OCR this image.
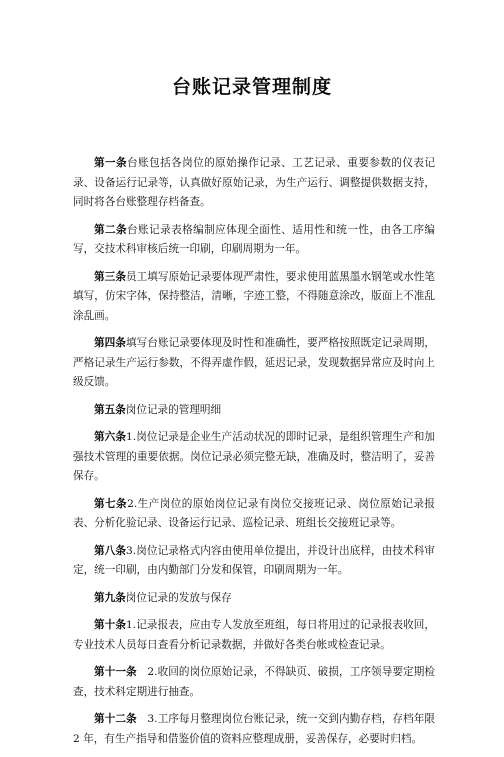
台账记录管理制度

第一条台账包括各岗位的原始操作记录、工艺记录、重要参数的仪表记录、设备运行记录等，认真做好原始记录，为生产运行、调整提供数据支持，同时将各台账整理存档备查。

第二条台账记录表格编制应体现全面性、适用性和统一性，由各工序编写，交技术科审核后统一印刷，印刷周期为一年。

第三条员工填写原始记录要体现严肃性，要求使用蓝黑墨水钢笔或水性笔填写，仿宋字体，保持整洁，清晰，字迹工整，不得随意涂改，版面上不准乱涂乱画。

第四条填写台账记录要体现及时性和准确性，要严格按照既定记录周期，严格记录生产运行参数，不得弄虚作假，延迟记录，发现数据异常应及时向上级反馈。

第五条岗位记录的管理明细

第六条1.岗位记录是企业生产活动状况的即时记录，是组织管理生产和加强技术管理的重要依据。岗位记录必须完整无缺，准确及时，整洁明了，妥善保存。

第七条2.生产岗位的原始岗位记录有岗位交接班记录、岗位原始记录报表、分析化验记录、设备运行记录、巡检记录、班组长交接班记录等。

第八条3.岗位记录格式内容由使用单位提出，并设计出底样，由技术科审定，统一印刷，由内勤部门分发和保管，印刷周期为一年。

第九条岗位记录的发放与保存

第十条1.记录报表，应由专人发放至班组，每日将用过的记录报表收回，专业技术人员每日查看分析记录数据，并做好各类台帐或检查记录。

第十一条　2.收回的岗位原始记录，不得缺页、破损，工序领导要定期检查，技术科定期进行抽查。

第十二条　3.工序每月整理岗位台账记录，统一交到内勤存档，存档年限 2 年，有生产指导和借鉴价值的资料应整理成册，妥善保存，必要时归档。
